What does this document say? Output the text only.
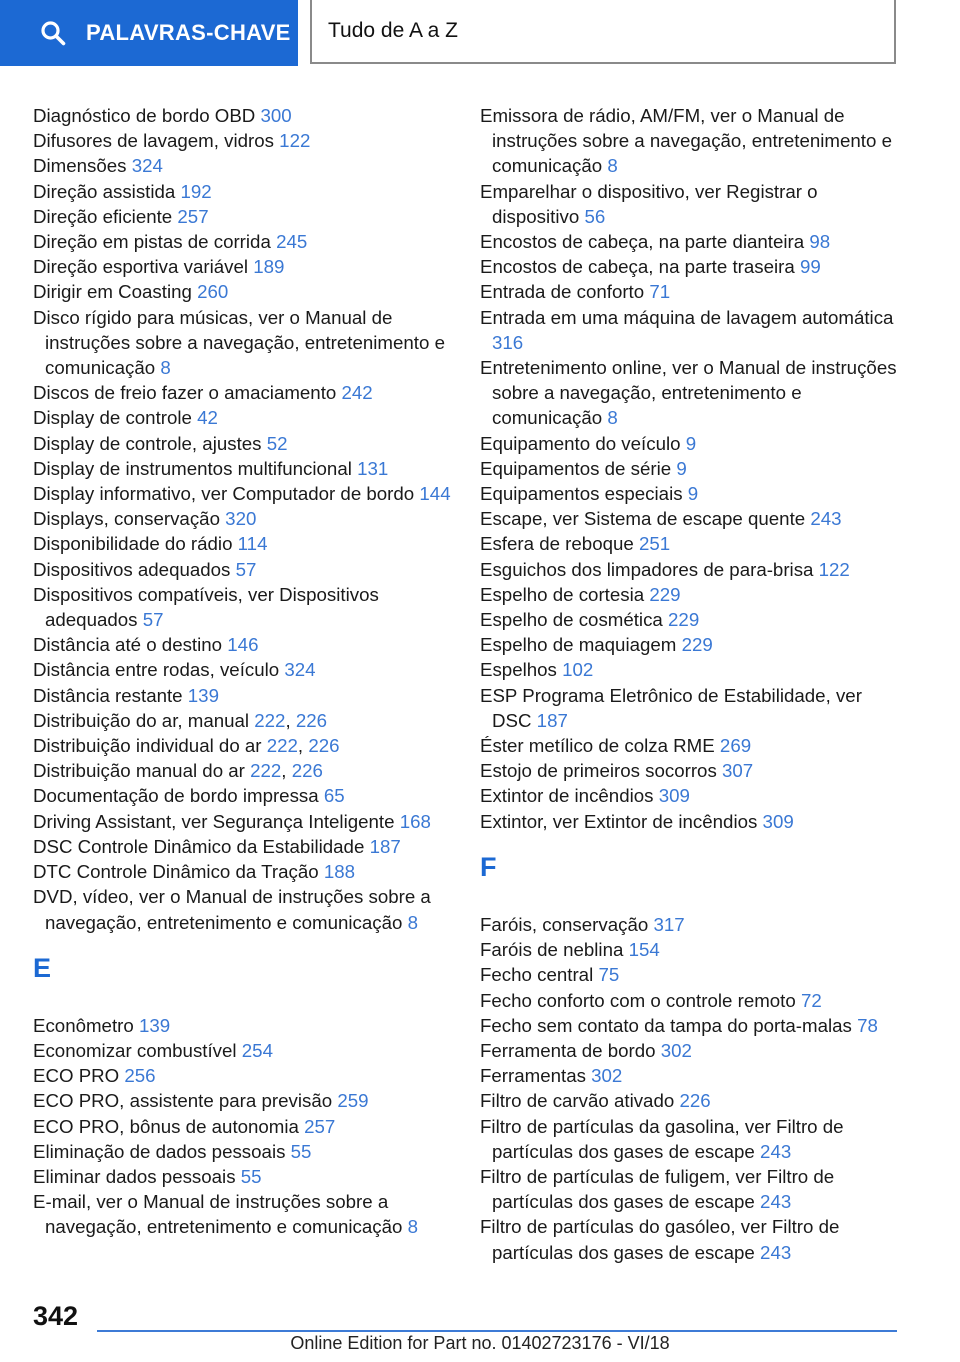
PALAVRAS-CHAVE Tudo de A a Z
Diagnóstico de bordo OBD 300
Difusores de lavagem, vidros 122
Dimensões 324
Direção assistida 192
Direção eficiente 257
Direção em pistas de corrida 245
Direção esportiva variável 189
Dirigir em Coasting 260
Disco rígido para músicas, ver o Manual de instruções sobre a navegação, entretenimento e comunicação 8
Discos de freio fazer o amaciamento 242
Display de controle 42
Display de controle, ajustes 52
Display de instrumentos multifuncional 131
Display informativo, ver Computador de bordo 144
Displays, conservação 320
Disponibilidade do rádio 114
Dispositivos adequados 57
Dispositivos compatíveis, ver Dispositivos adequados 57
Distância até o destino 146
Distância entre rodas, veículo 324
Distância restante 139
Distribuição do ar, manual 222, 226
Distribuição individual do ar 222, 226
Distribuição manual do ar 222, 226
Documentação de bordo impressa 65
Driving Assistant, ver Segurança Inteligente 168
DSC Controle Dinâmico da Estabilidade 187
DTC Controle Dinâmico da Tração 188
DVD, vídeo, ver o Manual de instruções sobre a navegação, entretenimento e comunicação 8
E
Econômetro 139
Economizar combustível 254
ECO PRO 256
ECO PRO, assistente para previsão 259
ECO PRO, bônus de autonomia 257
Eliminação de dados pessoais 55
Eliminar dados pessoais 55
E-mail, ver o Manual de instruções sobre a navegação, entretenimento e comunicação 8
Emissora de rádio, AM/FM, ver o Manual de instruções sobre a navegação, entretenimento e comunicação 8
Emparelhar o dispositivo, ver Registrar o dispositivo 56
Encostos de cabeça, na parte dianteira 98
Encostos de cabeça, na parte traseira 99
Entrada de conforto 71
Entrada em uma máquina de lavagem automática 316
Entretenimento online, ver o Manual de instruções sobre a navegação, entretenimento e comunicação 8
Equipamento do veículo 9
Equipamentos de série 9
Equipamentos especiais 9
Escape, ver Sistema de escape quente 243
Esfera de reboque 251
Esguichos dos limpadores de para-brisa 122
Espelho de cortesia 229
Espelho de cosmética 229
Espelho de maquiagem 229
Espelhos 102
ESP Programa Eletrônico de Estabilidade, ver DSC 187
Éster metílico de colza RME 269
Estojo de primeiros socorros 307
Extintor de incêndios 309
Extintor, ver Extintor de incêndios 309
F
Faróis, conservação 317
Faróis de neblina 154
Fecho central 75
Fecho conforto com o controle remoto 72
Fecho sem contato da tampa do porta-malas 78
Ferramenta de bordo 302
Ferramentas 302
Filtro de carvão ativado 226
Filtro de partículas da gasolina, ver Filtro de partículas dos gases de escape 243
Filtro de partículas de fuligem, ver Filtro de partículas dos gases de escape 243
Filtro de partículas do gasóleo, ver Filtro de partículas dos gases de escape 243
342
Online Edition for Part no. 01402723176 - VI/18
